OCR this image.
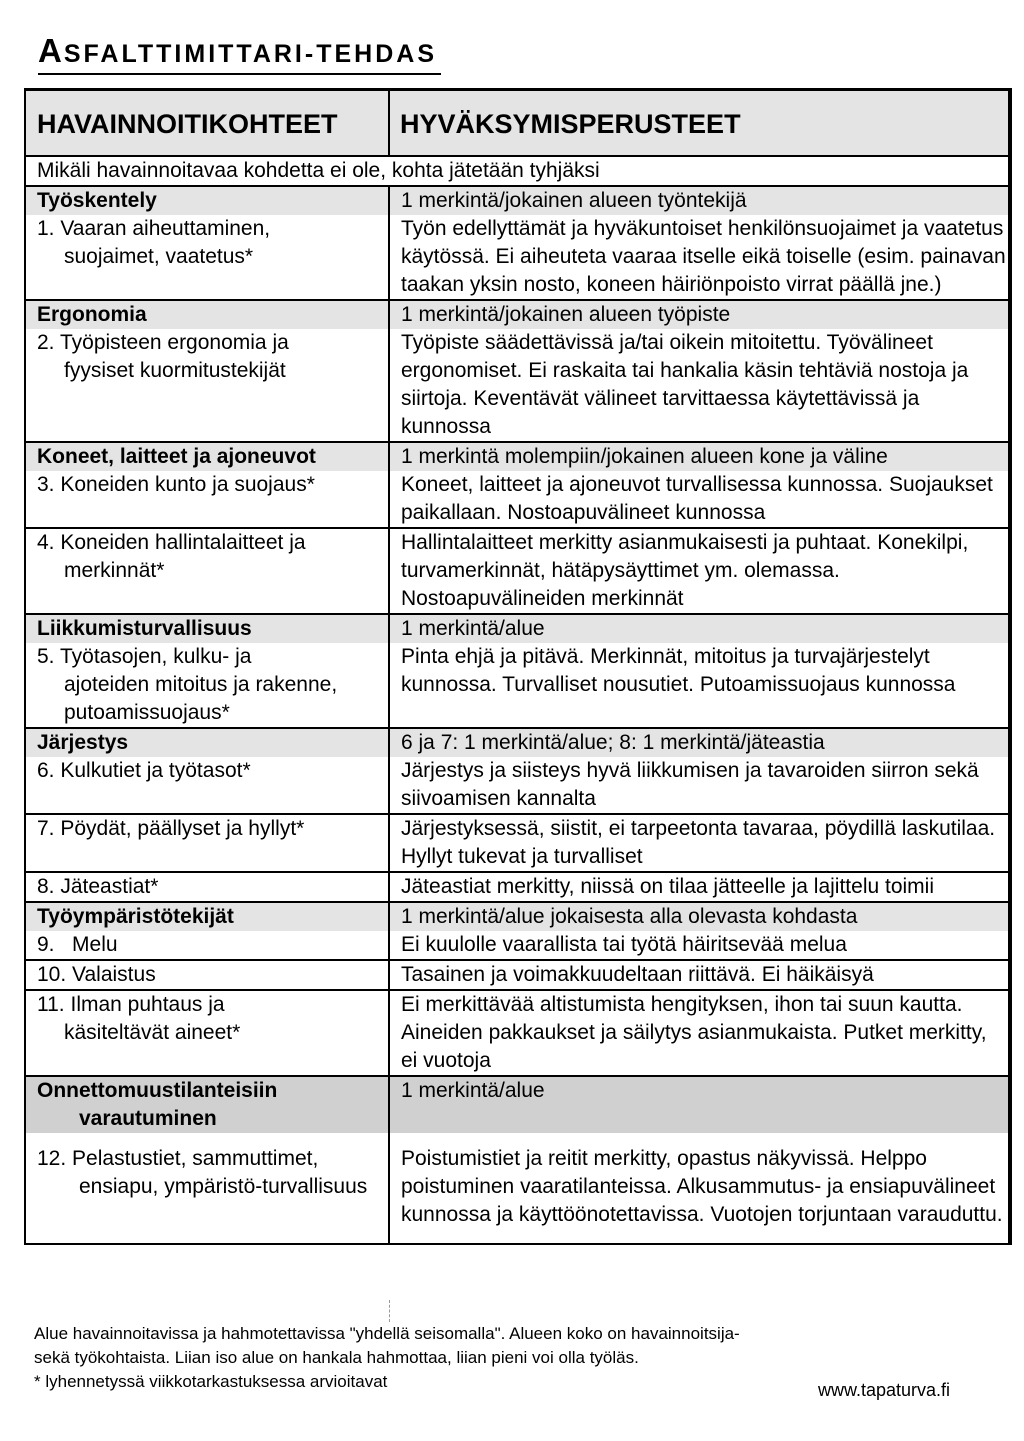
ASFALTTIMITTARI-TEHDAS
HAVAINNOITIKOHTEET	HYVÄKSYMISPERUSTEET
Mikäli havainnoitavaa kohdetta ei ole, kohta jätetään tyhjäksi	
Työskentely	1 merkintä/jokainen alueen työntekijä
1. Vaaran aiheuttaminen,
suojaimet, vaatetus*	Työn edellyttämät ja hyväkuntoiset henkilönsuojaimet ja vaatetus käytössä. Ei aiheuteta vaaraa itselle eikä toiselle (esim. painavan taakan yksin nosto, koneen häiriönpoisto virrat päällä jne.)
Ergonomia	1 merkintä/jokainen alueen työpiste
2. Työpisteen ergonomia ja
fyysiset kuormitustekijät	Työpiste säädettävissä ja/tai oikein mitoitettu. Työvälineet ergonomiset. Ei raskaita tai hankalia käsin tehtäviä nostoja ja siirtoja. Keventävät välineet tarvittaessa käytettävissä ja kunnossa
Koneet, laitteet ja ajoneuvot	1 merkintä molempiin/jokainen alueen kone ja väline
3. Koneiden kunto ja suojaus*	Koneet, laitteet ja ajoneuvot turvallisessa kunnossa. Suojaukset paikallaan. Nostoapuvälineet kunnossa
4. Koneiden hallintalaitteet ja
merkinnät*	Hallintalaitteet merkitty asianmukaisesti ja puhtaat. Konekilpi, turvamerkinnät, hätäpysäyttimet ym. olemassa. Nostoapuvälineiden merkinnät
Liikkumisturvallisuus	1 merkintä/alue
5. Työtasojen, kulku- ja
ajoteiden mitoitus ja rakenne, putoamissuojaus*	Pinta ehjä ja pitävä. Merkinnät, mitoitus ja turvajärjestelyt kunnossa. Turvalliset nousutiet. Putoamissuojaus kunnossa
Järjestys	6 ja 7: 1 merkintä/alue; 8: 1 merkintä/jäteastia
6. Kulkutiet ja työtasot*	Järjestys ja siisteys hyvä liikkumisen ja tavaroiden siirron sekä siivoamisen kannalta
7. Pöydät, päällyset ja hyllyt*	Järjestyksessä, siistit, ei tarpeetonta tavaraa, pöydillä laskutilaa. Hyllyt tukevat ja turvalliset
8. Jäteastiat*	Jäteastiat merkitty, niissä on tilaa jätteelle ja lajittelu toimii
Työympäristötekijät	1 merkintä/alue jokaisesta alla olevasta kohdasta
9.   Melu	Ei kuulolle vaarallista tai työtä häiritsevää melua
10. Valaistus	Tasainen ja voimakkuudeltaan riittävä. Ei häikäisyä
11. Ilman puhtaus ja
käsiteltävät aineet*	Ei merkittävää altistumista hengityksen, ihon tai suun kautta. Aineiden pakkaukset ja säilytys asianmukaista. Putket merkitty, ei vuotoja
Onnettomuustilanteisiin
varautuminen	1 merkintä/alue
12. Pelastustiet, sammuttimet,
ensiapu, ympäristö-turvallisuus	Poistumistiet ja reitit merkitty, opastus näkyvissä. Helppo poistuminen vaaratilanteissa. Alkusammutus- ja ensiapuvälineet kunnossa ja käyttöönotettavissa. Vuotojen torjuntaan varauduttu.
Alue havainnoitavissa ja hahmotettavissa "yhdellä seisomalla". Alueen koko on havainnoitsija-
sekä työkohtaista. Liian iso alue on hankala hahmottaa, liian pieni voi olla työläs.
* lyhennetyssä viikkotarkastuksessa arvioitavat	www.tapaturva.fi
